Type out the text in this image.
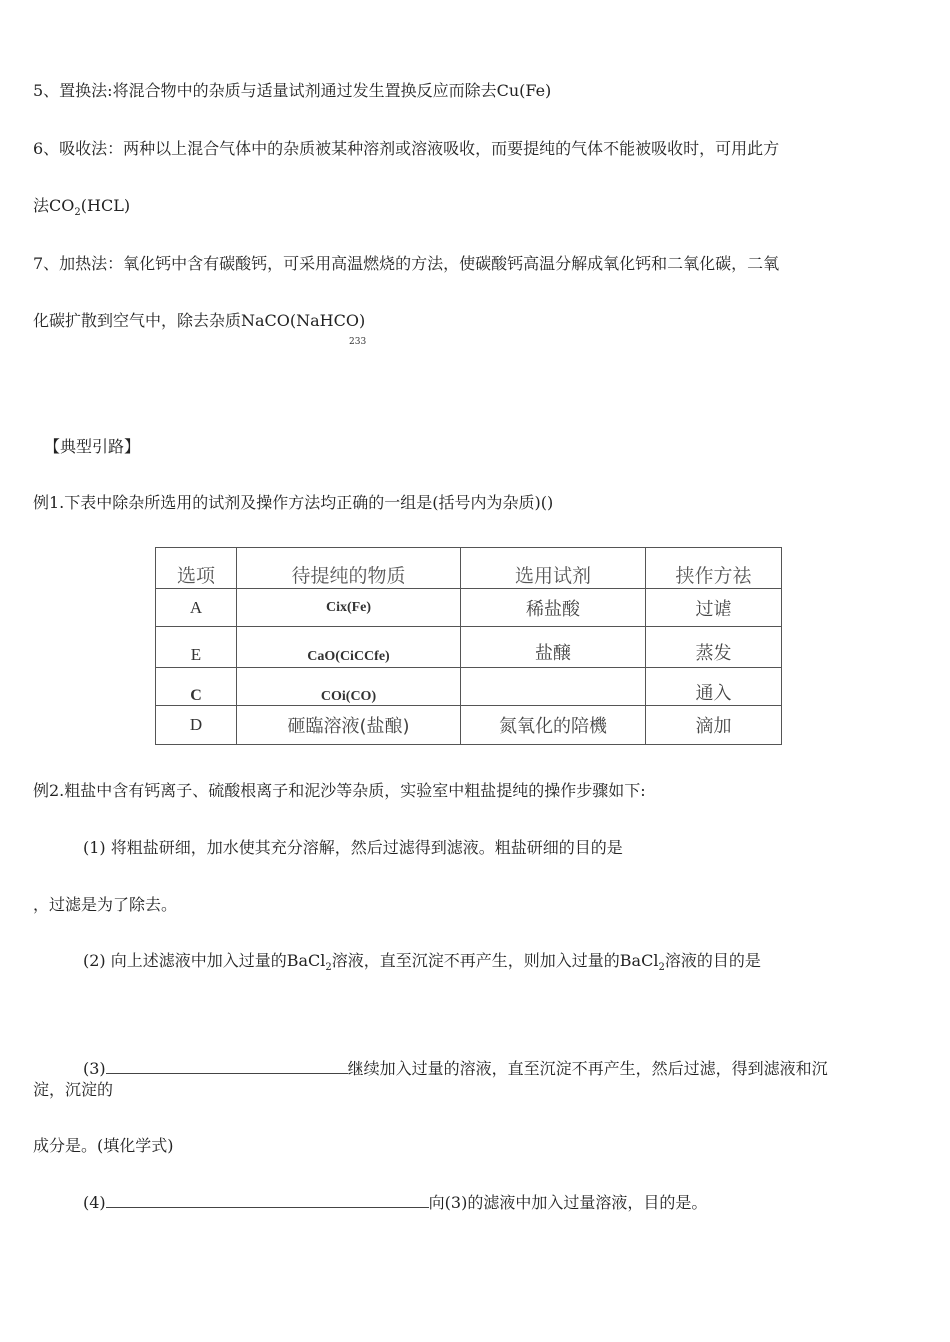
5、置换法:将混合物中的杂质与适量试剂通过发生置换反应而除去Cu(Fe)
6、吸收法：两种以上混合气体中的杂质被某种溶剂或溶液吸收，而要提纯的气体不能被吸收时，可用此方
法$CO_2(HCL)$
7、加热法：氧化钙中含有碳酸钙，可采用高温燃烧的方法，使碳酸钙高温分解成氧化钙和二氧化碳，二氧
化碳扩散到空气中，除去杂质NaCO(NaHCO)
233
【典型引路】
例1.下表中除杂所选用的试剂及操作方法均正确的一组是(括号内为杂质)()
选项	待提纯的物质	选用试剂	挟作方祛
A	Cix(Fe)	稀盐酸	过谑
E	CaO(CiCCfe)	盐醸	蒸发
C	COi(CO)		通入
D	砸臨溶液(盐酿)	氮氧化的陪機	滴加
例2.粗盐中含有钙离子、硫酸根离子和泥沙等杂质，实验室中粗盐提纯的操作步骤如下:
(1) 将粗盐研细，加水使其充分溶解，然后过滤得到滤液。粗盐研细的目的是
，过滤是为了除去。
(2) 向上述滤液中加入过量的BaCl$_2$溶液，直至沉淀不再产生，则加入过量的BaCl$_2$溶液的目的是
(3)	继续加入过量的溶液，直至沉淀不再产生，然后过滤，得到滤液和沉
淀，沉淀的
成分是。(填化学式)
(4)	向(3)的滤液中加入过量溶液，目的是。
